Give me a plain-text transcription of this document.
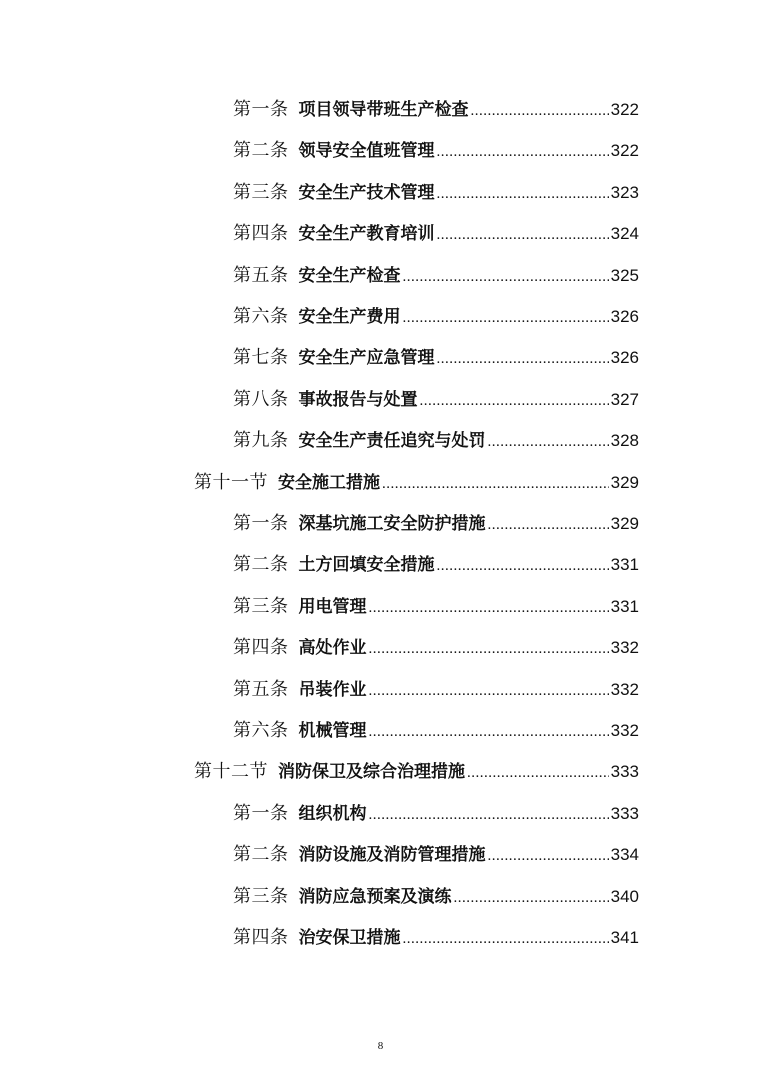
第一条 项目领导带班生产检查 .....	322
第二条 领导安全值班管理 .....	322
第三条 安全生产技术管理 .....	323
第四条 安全生产教育培训 .....	324
第五条 安全生产检查 .....	325
第六条 安全生产费用 .....	326
第七条 安全生产应急管理 .....	326
第八条 事故报告与处置 .....	327
第九条 安全生产责任追究与处罚 .....	328
第十一节 安全施工措施 .....	329
第一条 深基坑施工安全防护措施 .....	329
第二条 土方回填安全措施 .....	331
第三条 用电管理 .....	331
第四条 高处作业 .....	332
第五条 吊装作业 .....	332
第六条 机械管理 .....	332
第十二节 消防保卫及综合治理措施 .....	333
第一条 组织机构 .....	333
第二条 消防设施及消防管理措施 .....	334
第三条 消防应急预案及演练 .....	340
第四条 治安保卫措施 .....	341
8
